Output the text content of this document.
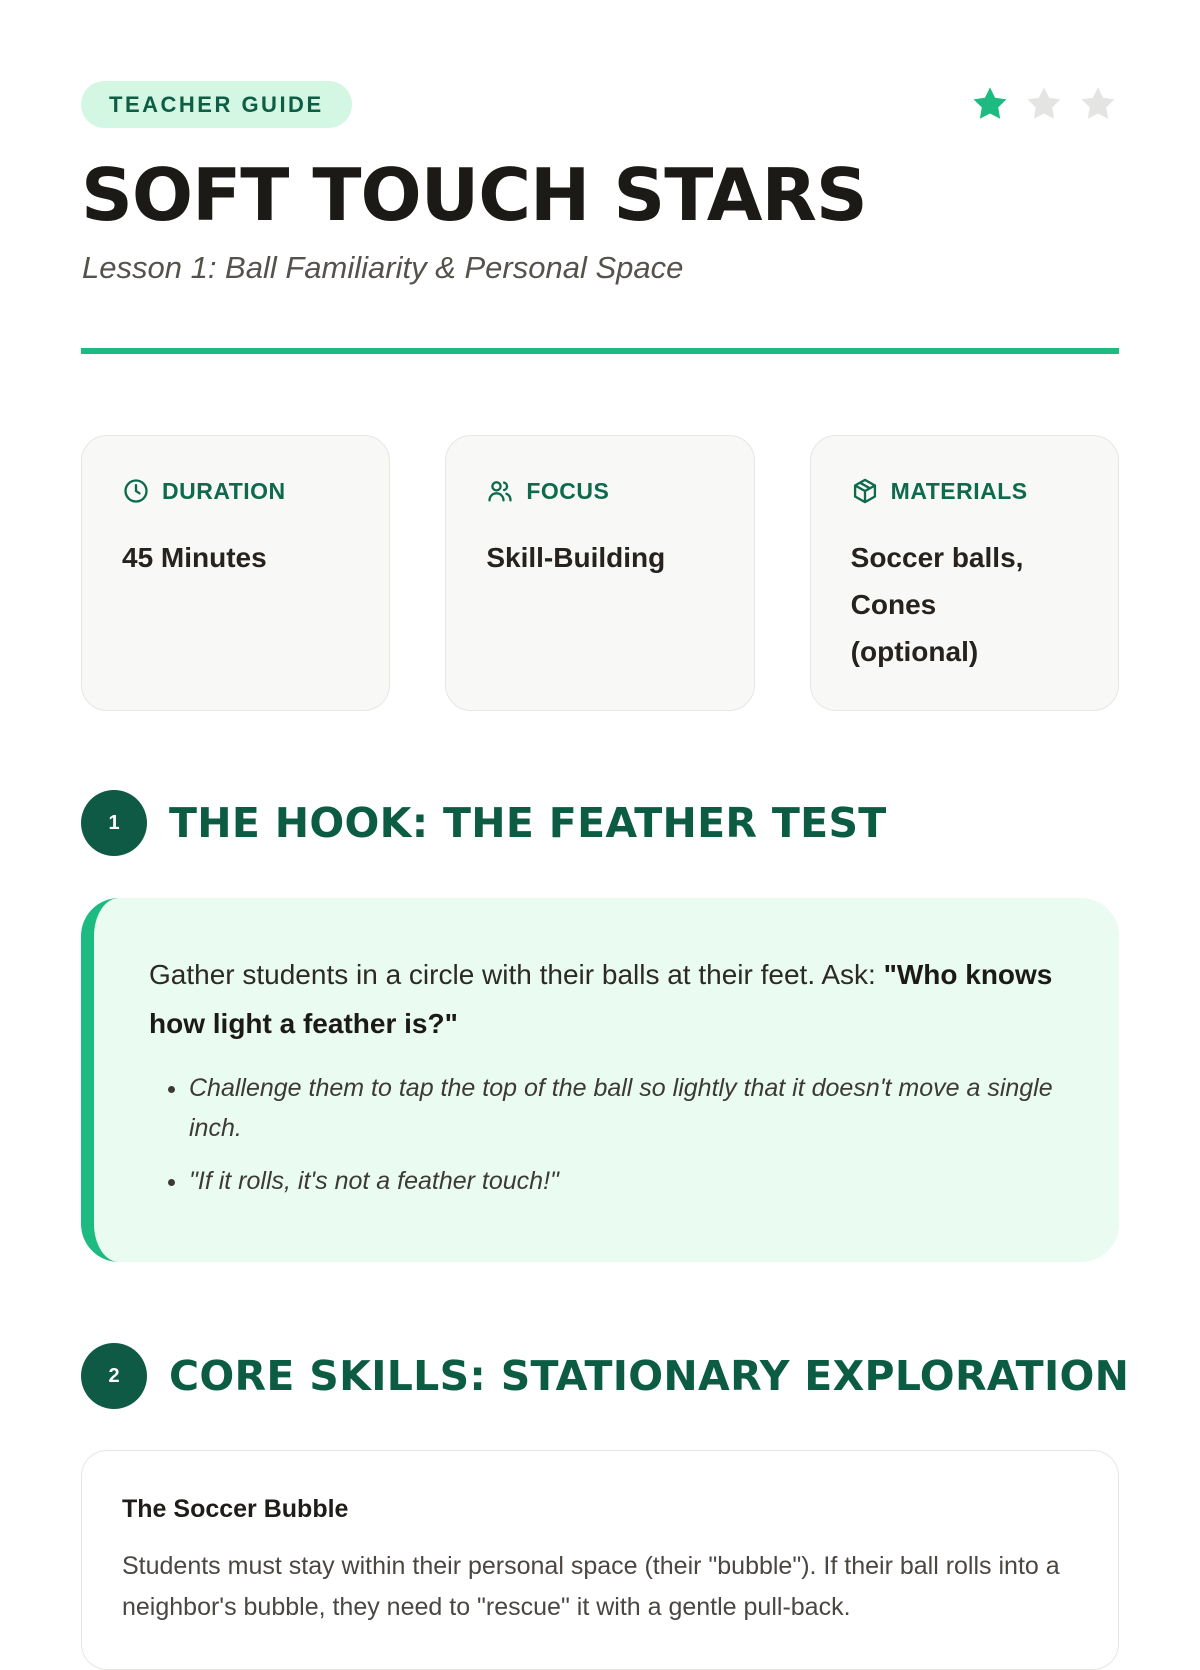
TEACHER GUIDE
SOFT TOUCH STARS
Lesson 1: Ball Familiarity & Personal Space
DURATION
45 Minutes
FOCUS
Skill-Building
MATERIALS
Soccer balls, Cones (optional)
1	THE HOOK: THE FEATHER TEST

Gather students in a circle with their balls at their feet. Ask: "Who knows how light a feather is?"

• Challenge them to tap the top of the ball so lightly that it doesn't move a single inch.
• "If it rolls, it's not a feather touch!"
2	CORE SKILLS: STATIONARY EXPLORATION
The Soccer Bubble

Students must stay within their personal space (their "bubble"). If their ball rolls into a neighbor's bubble, they need to "rescue" it with a gentle pull-back.
